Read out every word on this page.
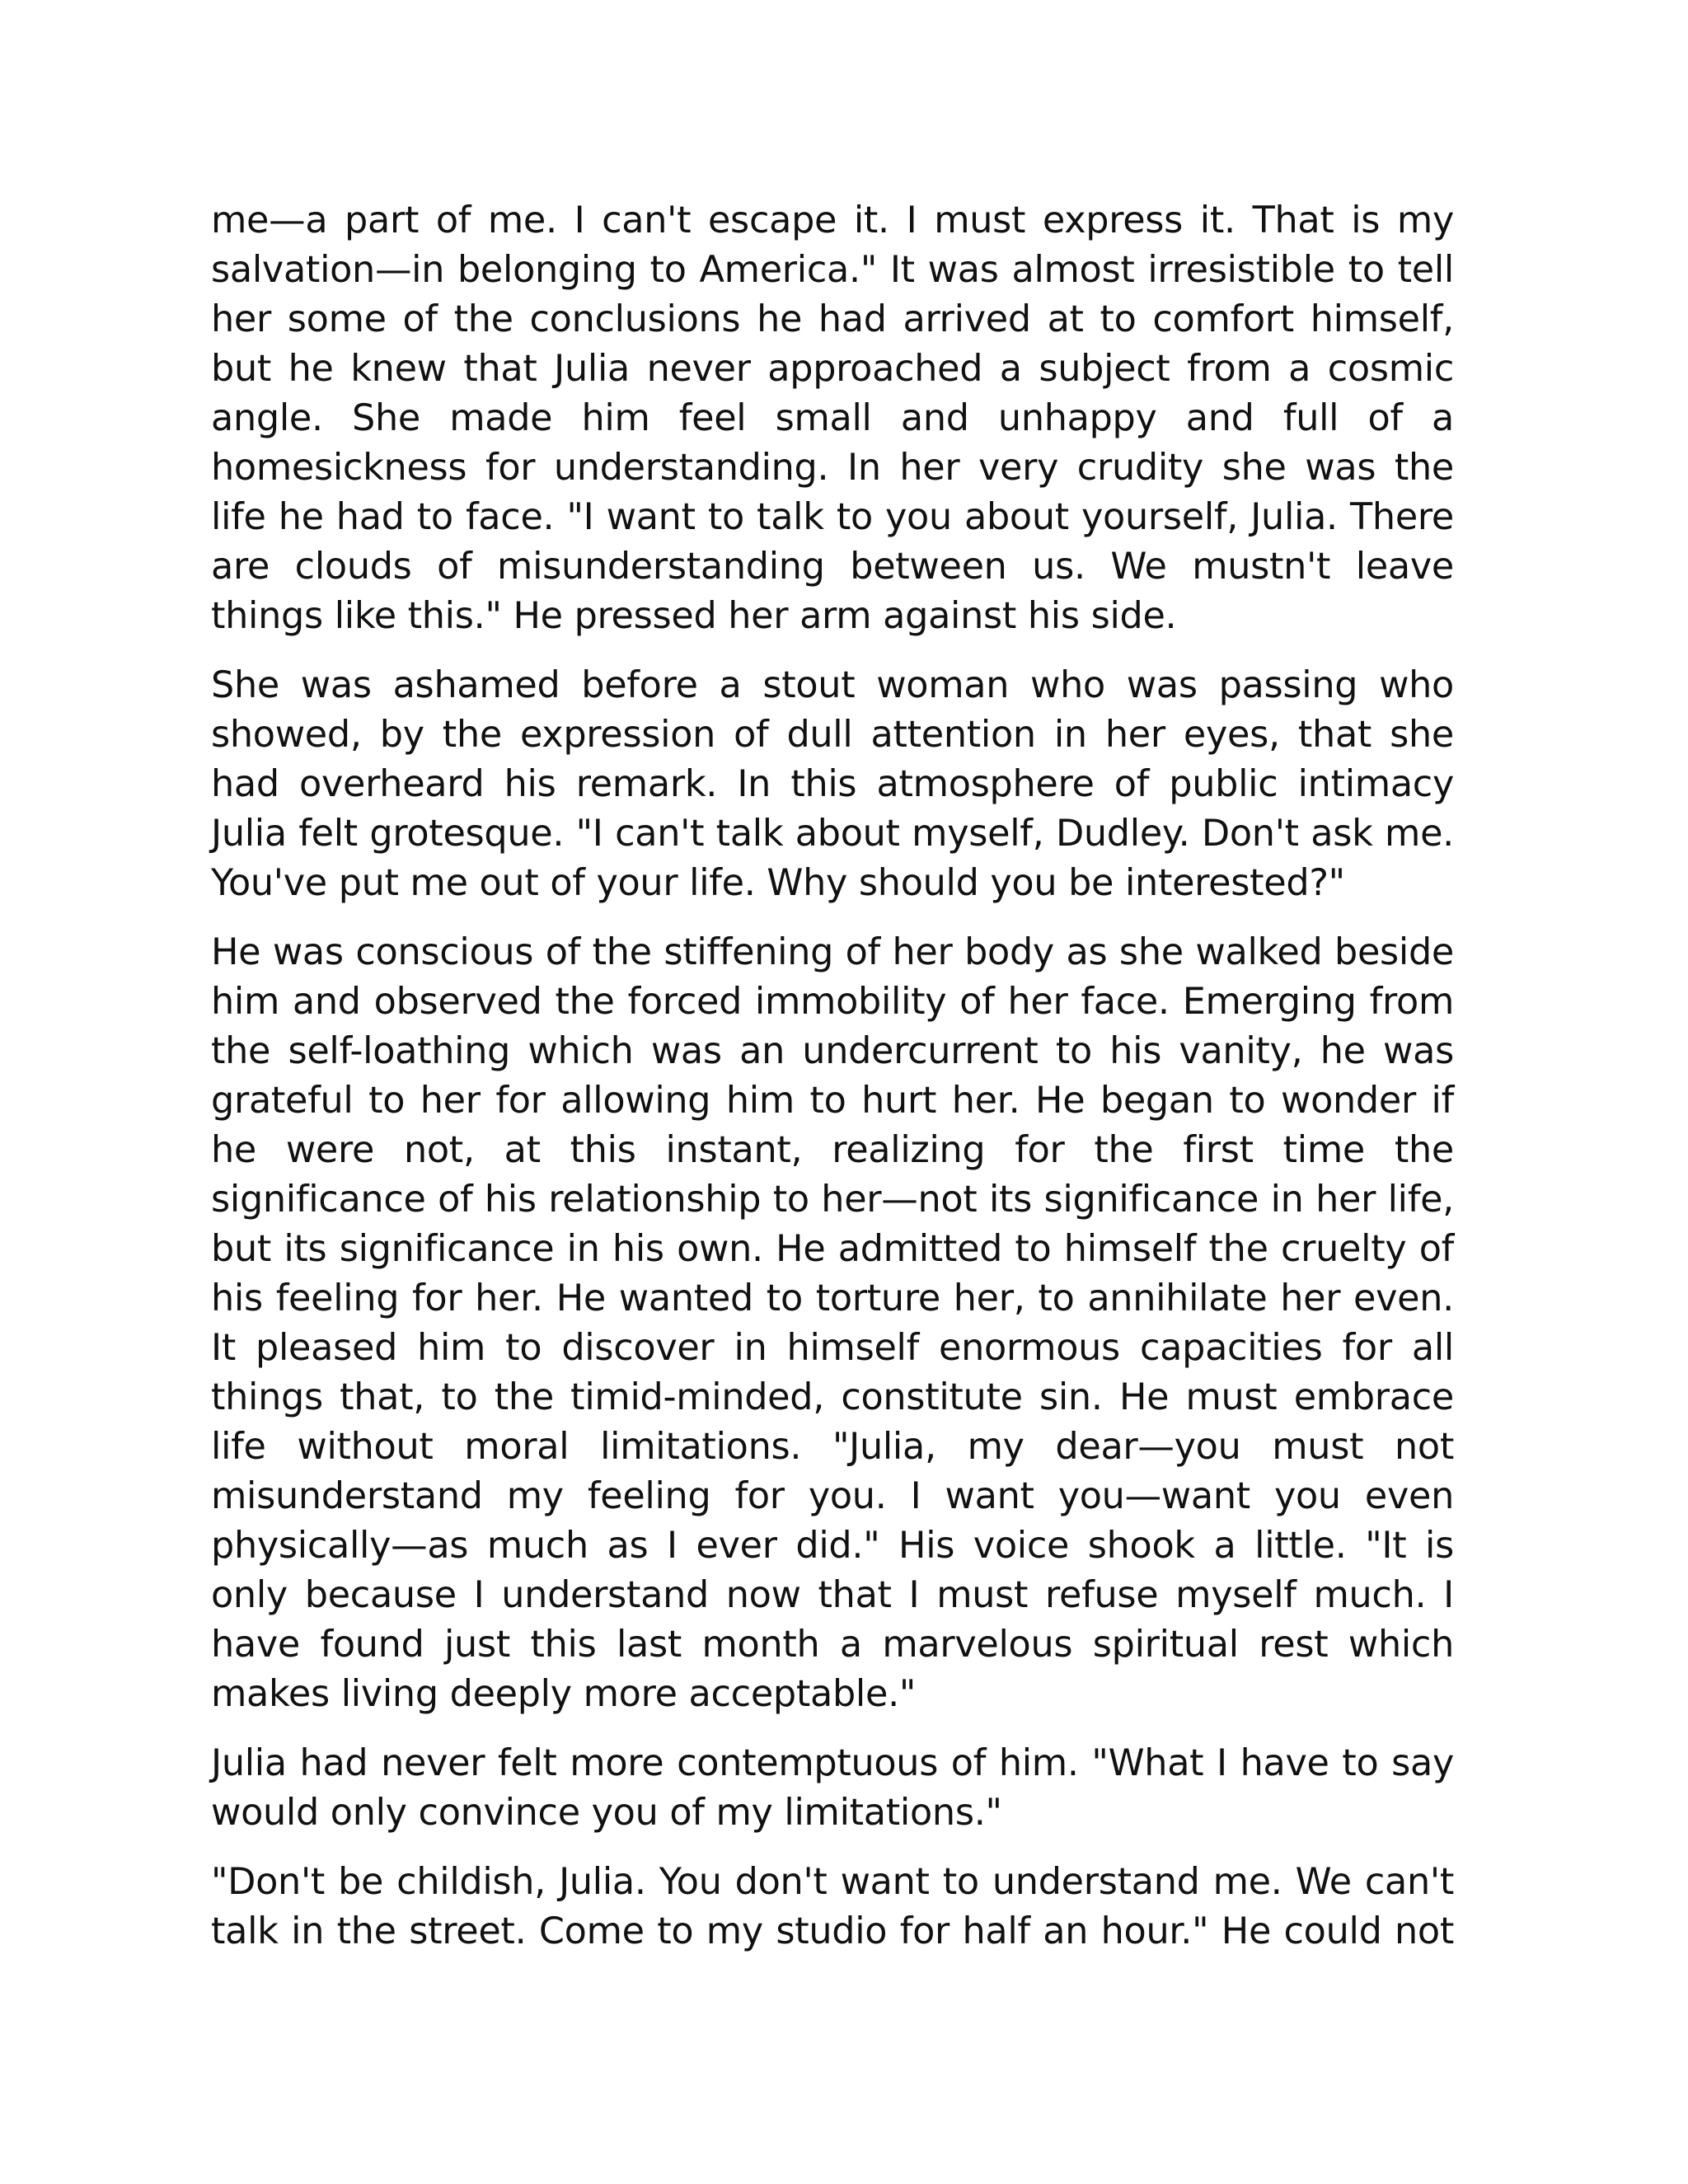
me—a part of me. I can't escape it. I must express it. That is my salvation—in belonging to America." It was almost irresistible to tell her some of the conclusions he had arrived at to comfort himself, but he knew that Julia never approached a subject from a cosmic angle. She made him feel small and unhappy and full of a homesickness for understanding. In her very crudity she was the life he had to face. "I want to talk to you about yourself, Julia. There are clouds of misunderstanding between us. We mustn't leave things like this." He pressed her arm against his side.

She was ashamed before a stout woman who was passing who showed, by the expression of dull attention in her eyes, that she had overheard his remark. In this atmosphere of public intimacy Julia felt grotesque. "I can't talk about myself, Dudley. Don't ask me. You've put me out of your life. Why should you be interested?"

He was conscious of the stiffening of her body as she walked beside him and observed the forced immobility of her face. Emerging from the self-loathing which was an undercurrent to his vanity, he was grateful to her for allowing him to hurt her. He began to wonder if he were not, at this instant, realizing for the first time the significance of his relationship to her—not its significance in her life, but its significance in his own. He admitted to himself the cruelty of his feeling for her. He wanted to torture her, to annihilate her even. It pleased him to discover in himself enormous capacities for all things that, to the timid-minded, constitute sin. He must embrace life without moral limitations. "Julia, my dear—you must not misunderstand my feeling for you. I want you—want you even physically—as much as I ever did." His voice shook a little. "It is only because I understand now that I must refuse myself much. I have found just this last month a marvelous spiritual rest which makes living deeply more acceptable."

Julia had never felt more contemptuous of him. "What I have to say would only convince you of my limitations."

"Don't be childish, Julia. You don't want to understand me. We can't talk in the street. Come to my studio for half an hour." He could not
